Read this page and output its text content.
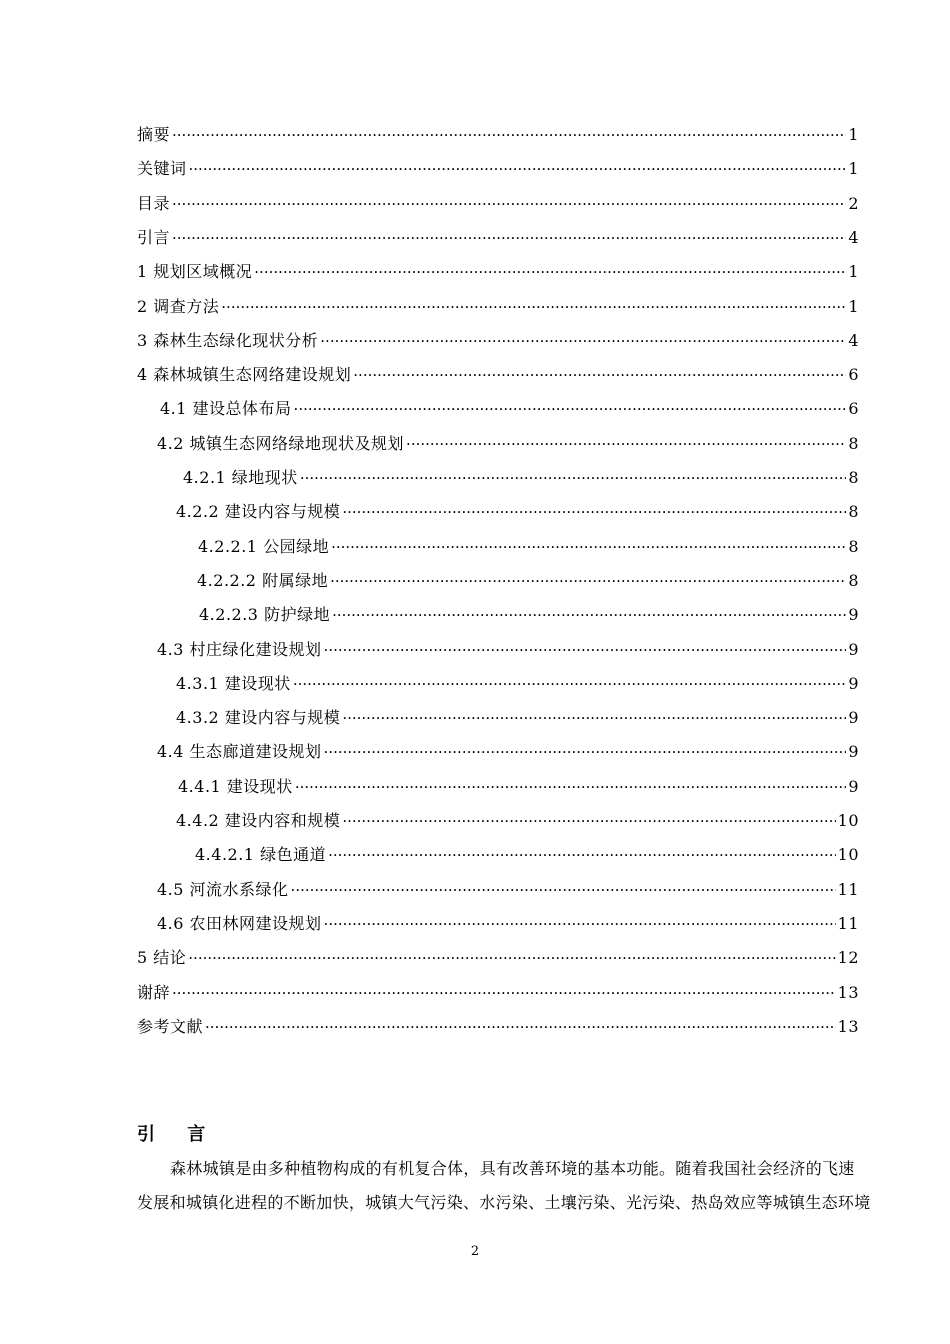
摘要 ·····	1
关键词 ·····	1
目录 ·····	2
引言 ·····	4
1 规划区域概况 ·····	1
2 调查方法 ·····	1
3 森林生态绿化现状分析 ·····	4
4 森林城镇生态网络建设规划 ·····	6
4.1 建设总体布局 ·····	6
4.2 城镇生态网络绿地现状及规划 ·····	8
4.2.1 绿地现状 ·····	8
4.2.2 建设内容与规模 ·····	8
4.2.2.1 公园绿地 ·····	8
4.2.2.2 附属绿地 ·····	8
4.2.2.3 防护绿地 ·····	9
4.3 村庄绿化建设规划 ·····	9
4.3.1 建设现状 ·····	9
4.3.2 建设内容与规模 ·····	9
4.4 生态廊道建设规划 ·····	9
4.4.1 建设现状 ·····	9
4.4.2 建设内容和规模 ·····	10
4.4.2.1 绿色通道 ·····	10
4.5 河流水系绿化 ·····	11
4.6 农田林网建设规划 ·····	11
5 结论 ·····	12
谢辞 ·····	13
参考文献 ·····	13
引 言
森林城镇是由多种植物构成的有机复合体，具有改善环境的基本功能。随着我国社会经济的飞速
发展和城镇化进程的不断加快，城镇大气污染、水污染、土壤污染、光污染、热岛效应等城镇生态环境
2
